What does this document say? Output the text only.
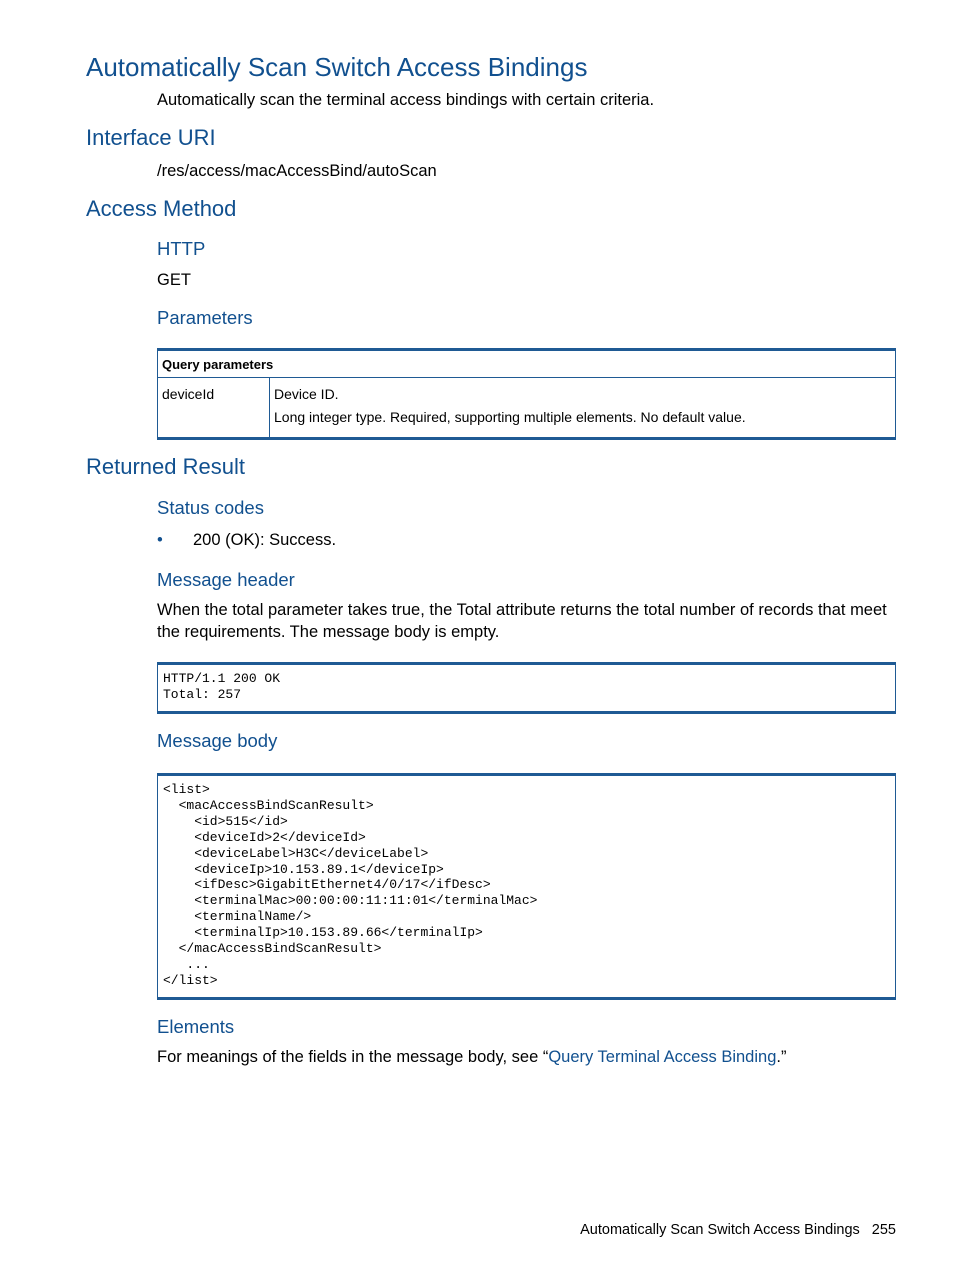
Automatically Scan Switch Access Bindings
Automatically scan the terminal access bindings with certain criteria.
Interface URI
/res/access/macAccessBind/autoScan
Access Method
HTTP
GET
Parameters
Query parameters
deviceId	Device ID.
Long integer type. Required, supporting multiple elements. No default value.
Returned Result
Status codes
• 200 (OK): Success.
Message header
When the total parameter takes true, the Total attribute returns the total number of records that meet the requirements. The message body is empty.
HTTP/1.1 200 OK
Total: 257
Message body
<list>
<macAccessBindScanResult>
<id>515</id>
<deviceId>2</deviceId>
<deviceLabel>H3C</deviceLabel>
<deviceIp>10.153.89.1</deviceIp>
<ifDesc>GigabitEthernet4/0/17</ifDesc>
<terminalMac>00:00:00:11:11:01</terminalMac>
<terminalName/>
<terminalIp>10.153.89.66</terminalIp>
</macAccessBindScanResult>
...
</list>
Elements
For meanings of the fields in the message body, see “Query Terminal Access Binding.”
Automatically Scan Switch Access Bindings 255
